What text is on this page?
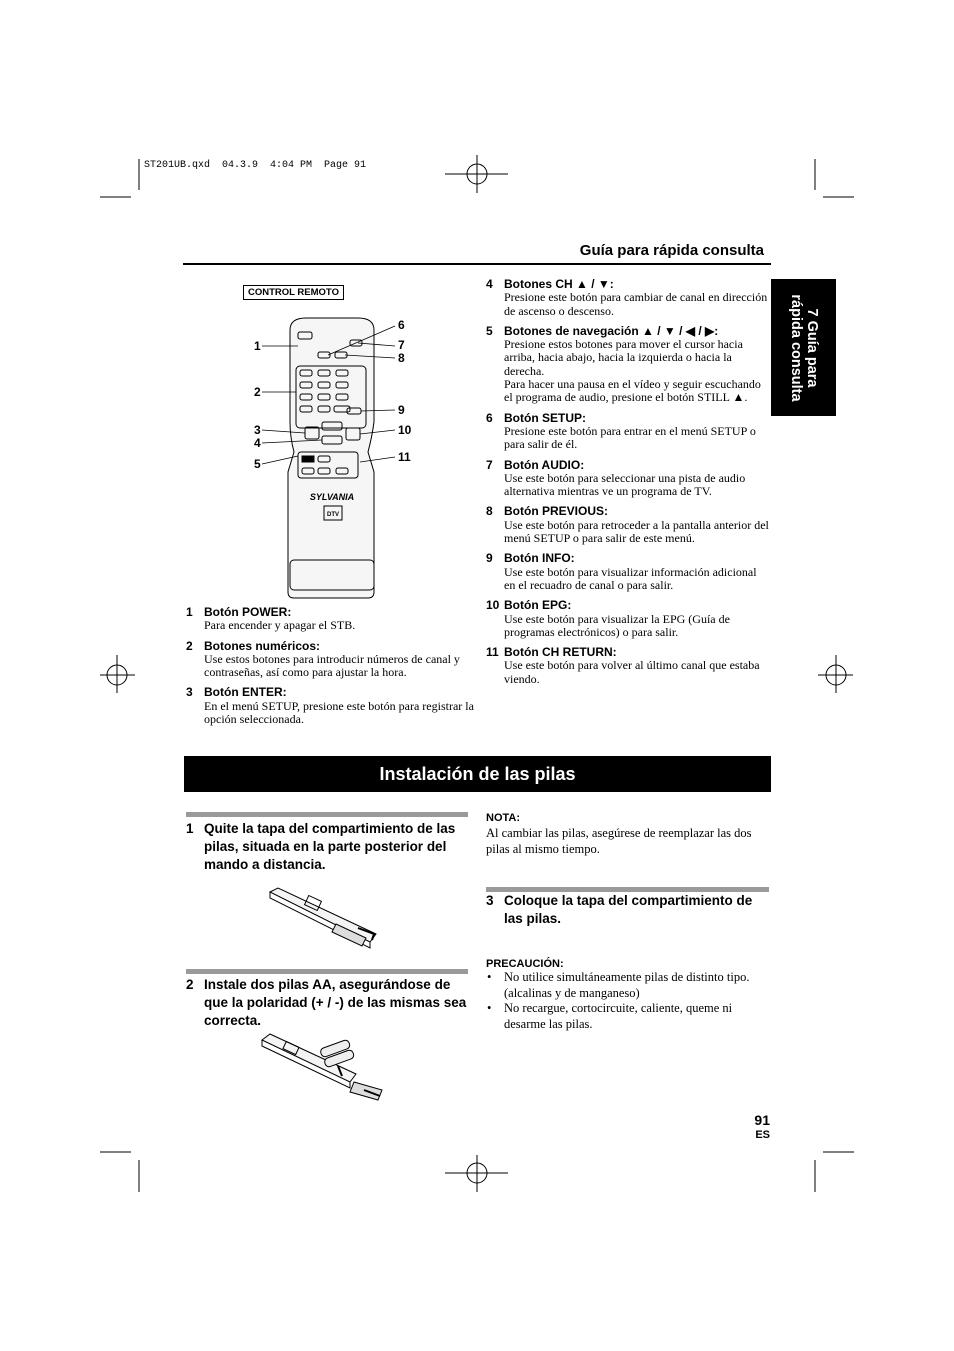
ST201UB.qxd  04.3.9  4:04 PM  Page 91
Guía para rápida consulta
7 Guía para
rápida consulta
CONTROL REMOTO
SYLVANIA
DTV
1
2
3
4
5
6
7
8
9
10
11
1 Botón POWER:
Para encender y apagar el STB.
2 Botones numéricos:
Use estos botones para introducir números de canal y contraseñas, así como para ajustar la hora.
3 Botón ENTER:
En el menú SETUP, presione este botón para registrar la opción seleccionada.
4 Botones CH ▲ / ▼:
Presione este botón para cambiar de canal en dirección de ascenso o descenso.
5 Botones de navegación ▲ / ▼ / ◀ / ▶:
Presione estos botones para mover el cursor hacia arriba, hacia abajo, hacia la izquierda o hacia la derecha.
Para hacer una pausa en el vídeo y seguir escuchando el programa de audio, presione el botón STILL ▲.
6 Botón SETUP:
Presione este botón para entrar en el menú SETUP o para salir de él.
7 Botón AUDIO:
Use este botón para seleccionar una pista de audio alternativa mientras ve un programa de TV.
8 Botón PREVIOUS:
Use este botón para retroceder a la pantalla anterior del menú SETUP o para salir de este menú.
9 Botón INFO:
Use este botón para visualizar información adicional en el recuadro de canal o para salir.
10 Botón EPG:
Use este botón para visualizar la EPG (Guía de programas electrónicos) o para salir.
11 Botón CH RETURN:
Use este botón para volver al último canal que estaba viendo.
Instalación de las pilas
1 Quite la tapa del compartimiento de las pilas, situada en la parte posterior del mando a distancia.
2 Instale dos pilas AA, asegurándose de que la polaridad (+ / -) de las mismas sea correcta.
NOTA:
Al cambiar las pilas, asegúrese de reemplazar las dos pilas al mismo tiempo.
3 Coloque la tapa del compartimiento de las pilas.
PRECAUCIÓN:
• No utilice simultáneamente pilas de distinto tipo. (alcalinas y de manganeso)
• No recargue, cortocircuite, caliente, queme ni desarme las pilas.
91
ES
